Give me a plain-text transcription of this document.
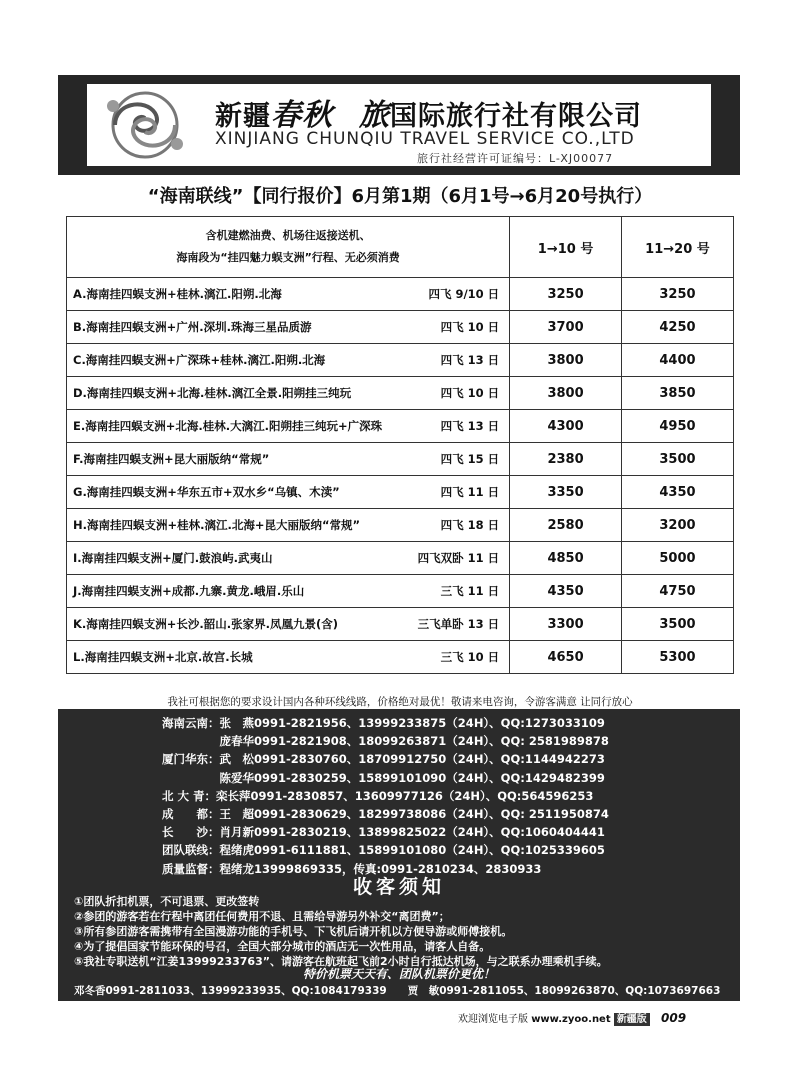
新疆春秋 旅国际旅行社有限公司
XINJIANG CHUNQIU TRAVEL SERVICE CO.,LTD
旅行社经营许可证编号：L-XJ00077
“海南联线”【同行报价】6月第1期（6月1号→6月20号执行）
含机建燃油费、机场往返接送机、
海南段为“挂四魅力蜈支洲”行程、无必须消费	1→10 号	11→20 号

A.海南挂四蜈支洲+桂林.漓江.阳朔.北海 四飞 9/10 日	3250	3250

B.海南挂四蜈支洲+广州.深圳.珠海三星品质游 四飞 10 日	3700	4250

C.海南挂四蜈支洲+广深珠+桂林.漓江.阳朔.北海 四飞 13 日	3800	4400

D.海南挂四蜈支洲+北海.桂林.漓江全景.阳朔挂三纯玩 四飞 10 日	3800	3850

E.海南挂四蜈支洲+北海.桂林.大漓江.阳朔挂三纯玩+广深珠 四飞 13 日	4300	4950

F.海南挂四蜈支洲+昆大丽版纳“常规” 四飞 15 日	2380	3500

G.海南挂四蜈支洲+华东五市+双水乡“乌镇、木渎” 四飞 11 日	3350	4350

H.海南挂四蜈支洲+桂林.漓江.北海+昆大丽版纳“常规” 四飞 18 日	2580	3200

I.海南挂四蜈支洲+厦门.鼓浪屿.武夷山 四飞双卧 11 日	4850	5000

J.海南挂四蜈支洲+成都.九寨.黄龙.峨眉.乐山 三飞 11 日	4350	4750

K.海南挂四蜈支洲+长沙.韶山.张家界.凤凰九景(含) 三飞单卧 13 日	3300	3500

L.海南挂四蜈支洲+北京.故宫.长城 三飞 10 日	4650	5300
我社可根据您的要求设计国内各种环线线路，价格绝对最优！敬请来电咨询，令游客满意 让同行放心
海南云南：张　燕0991-2821956、13999233875（24H）、QQ:1273033109
　　　　　庞春华0991-2821908、18099263871（24H）、QQ: 2581989878
厦门华东：武　松0991-2830760、18709912750（24H）、QQ:1144942273
　　　　　陈爱华0991-2830259、15899101090（24H）、QQ:1429482399
北 大 青：栾长萍0991-2830857、13609977126（24H）、QQ:564596253
成　　都：王　超0991-2830629、18299738086（24H）、QQ: 2511950874
长　　沙：肖月新0991-2830219、13899825022（24H）、QQ:1060404441
团队联线：程绪虎0991-6111881、15899101080（24H）、QQ:1025339605
质量监督：程绪龙13999869335，传真:0991-2810234、2830933
收客须知
①团队折扣机票，不可退票、更改签转
②参团的游客若在行程中离团任何费用不退、且需给导游另外补交“离团费”；
③所有参团游客需携带有全国漫游功能的手机号、下飞机后请开机以方便导游或师傅接机。
④为了提倡国家节能环保的号召，全国大部分城市的酒店无一次性用品，请客人自备。
⑤我社专职送机“江姜13999233763”、请游客在航班起飞前2小时自行抵达机场，与之联系办理乘机手续。
特价机票天天有、团队机票价更优！
邓冬香0991-2811033、13999233935、QQ:1084179339　　贾　敏0991-2811055、18099263870、QQ:1073697663
欢迎浏览电子版 www.zyoo.net 新疆版 009
